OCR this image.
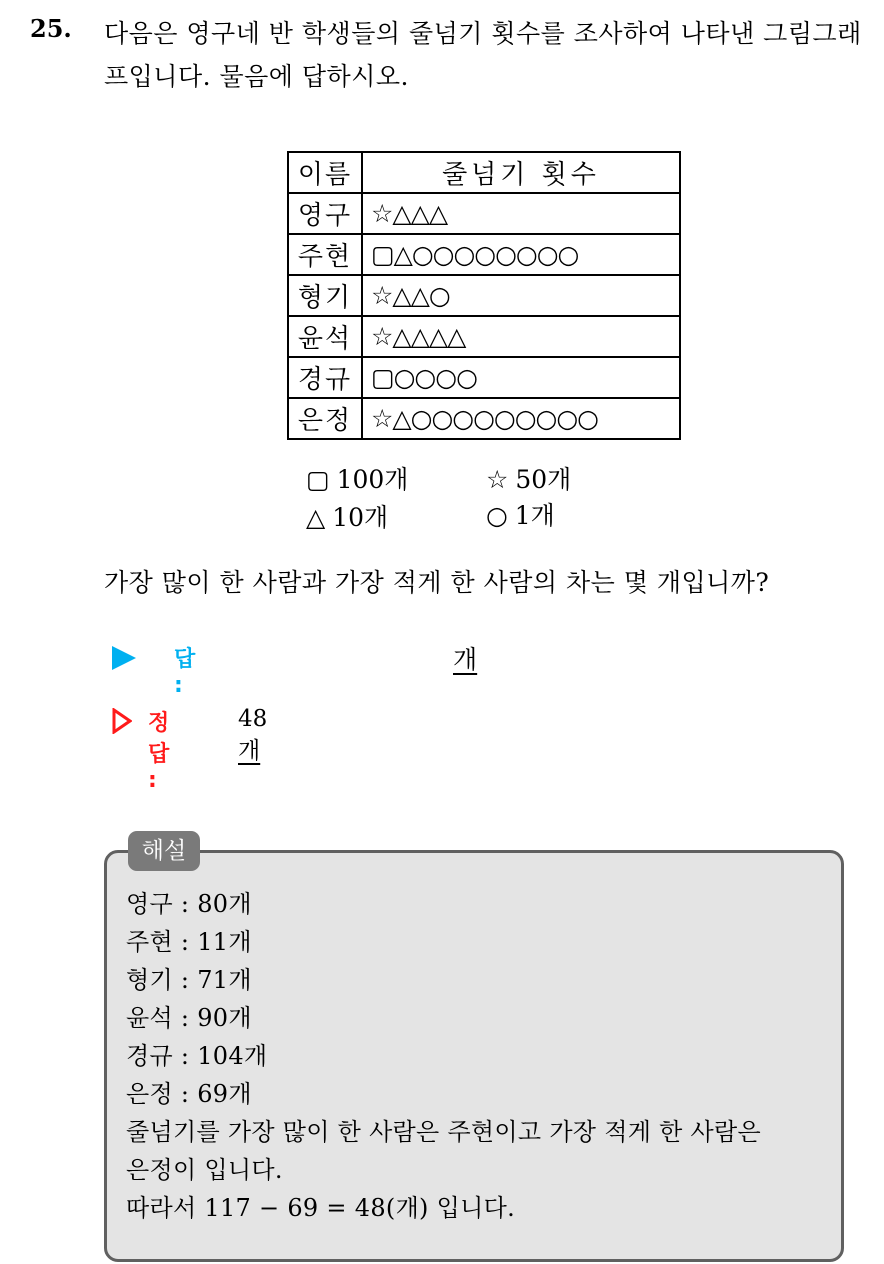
25. 다음은 영구네 반 학생들의 줄넘기 횟수를 조사하여 나타낸 그림그래프입니다. 물음에 답하시오.
이름	줄넘기 횟수
영구	☆△△△
주현	▢△○○○○○○○○
형기	☆△△○
윤석	☆△△△△
경규	▢○○○○
은정	☆△○○○○○○○○○
▢ 100개	☆ 50개
△ 10개	○ 1개
가장 많이 한 사람과 가장 적게 한 사람의 차는 몇 개입니까?
답 :
개
정답 :
48개
해설
영구 : 80개
주현 : 11개
형기 : 71개
윤석 : 90개
경규 : 104개
은정 : 69개
줄넘기를 가장 많이 한 사람은 주현이고 가장 적게 한 사람은
은정이 입니다.
따라서 117 − 69 = 48(개) 입니다.
